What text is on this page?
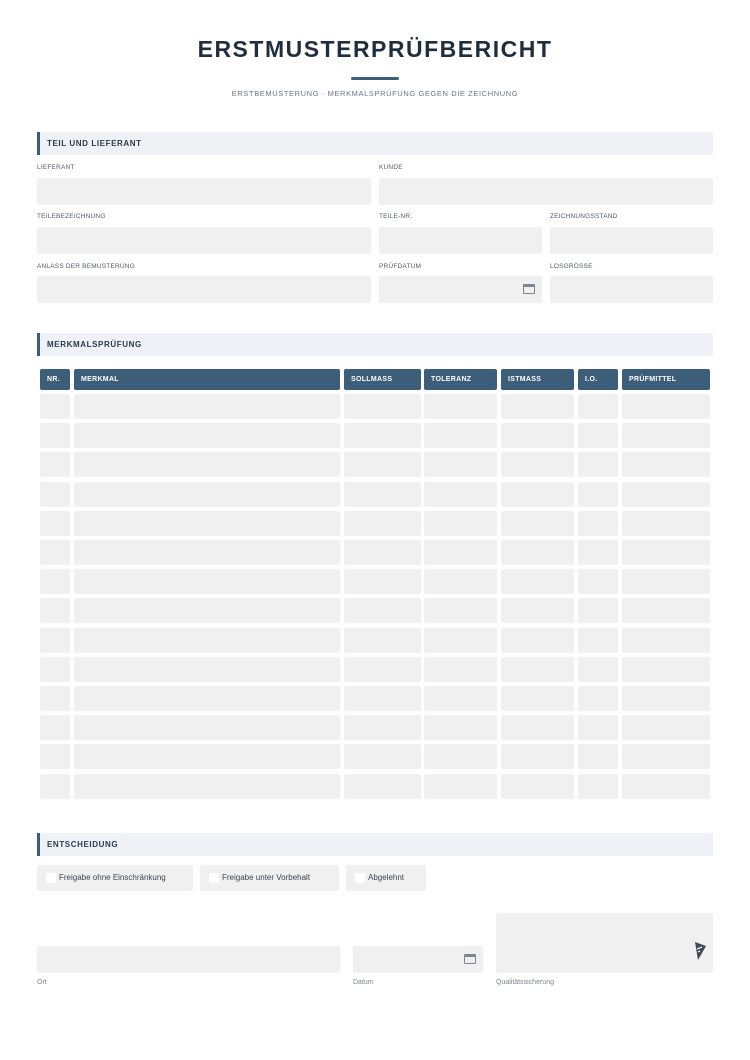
ERSTMUSTERPRÜFBERICHT
ERSTBEMUSTERUNG · MERKMALSPRÜFUNG GEGEN DIE ZEICHNUNG
TEIL UND LIEFERANT
LIEFERANT	KUNDE
TEILEBEZEICHNUNG	TEILE-NR.	ZEICHNUNGSSTAND
ANLASS DER BEMUSTERUNG	PRÜFDATUM	LOSGRÖSSE
MERKMALSPRÜFUNG
NR.	MERKMAL	SOLLMASS	TOLERANZ	ISTMASS	I.O.	PRÜFMITTEL
ENTSCHEIDUNG
Freigabe ohne Einschränkung	Freigabe unter Vorbehalt	Abgelehnt
Ort	Datum	Qualitätssicherung
